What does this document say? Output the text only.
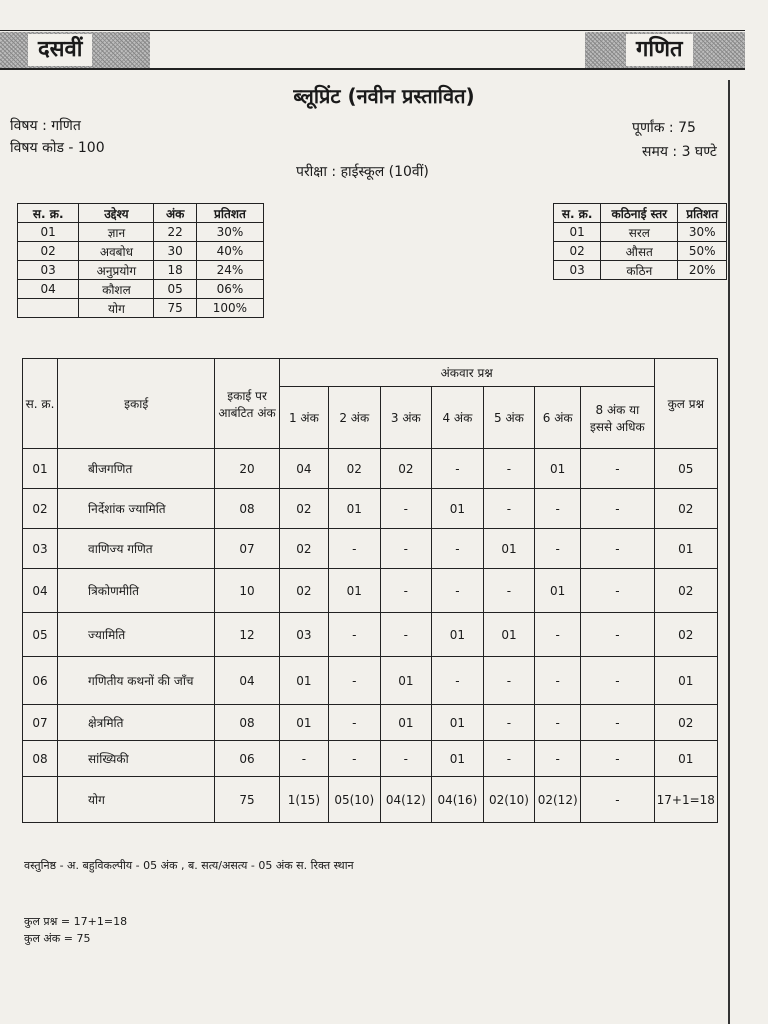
दसवीं	गणित
ब्लूप्रिंट (नवीन प्रस्तावित)
विषय : गणित
विषय कोड - 100
पूर्णांक : 75
समय : 3 घण्टे
परीक्षा : हाईस्कूल (10वीं)
स. क्र.	उद्देश्य	अंक	प्रतिशत
01	ज्ञान	22	30%
02	अवबोध	30	40%
03	अनुप्रयोग	18	24%
04	कौशल	05	06%
	योग	75	100%
स. क्र.	कठिनाई स्तर	प्रतिशत
01	सरल	30%
02	औसत	50%
03	कठिन	20%
स. क्र.	इकाई	इकाई पर आबंटित अंक	अंकवार प्रश्न							कुल प्रश्न
			1 अंक	2 अंक	3 अंक	4 अंक	5 अंक	6 अंक	8 अंक या इससे अधिक	
01	बीजगणित	20	04	02	02	-	-	01	-	05
02	निर्देशांक ज्यामिति	08	02	01	-	01	-	-	-	02
03	वाणिज्य गणित	07	02	-	-	-	01	-	-	01
04	त्रिकोणमीति	10	02	01	-	-	-	01	-	02
05	ज्यामिति	12	03	-	-	01	01	-	-	02
06	गणितीय कथनों की जाँच	04	01	-	01	-	-	-	-	01
07	क्षेत्रमिति	08	01	-	01	01	-	-	-	02
08	सांख्यिकी	06	-	-	-	01	-	-	-	01
	योग	75	1(15)	05(10)	04(12)	04(16)	02(10)	02(12)	-	17+1=18
वस्तुनिष्ठ - अ. बहुविकल्पीय - 05 अंक , ब. सत्य/असत्य - 05 अंक स. रिक्त स्थान
कुल प्रश्न = 17+1=18
कुल अंक = 75
